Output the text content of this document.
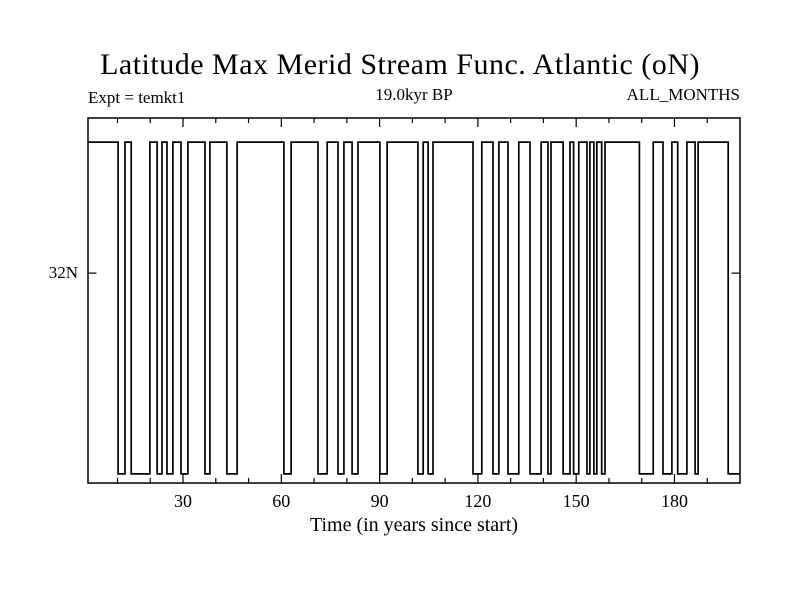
30	60	90	120	150	180
Latitude Max Merid Stream Func. Atlantic (oN)
Expt = temkt1	19.0kyr BP	ALL_MONTHS
32N
Time (in years since start)
